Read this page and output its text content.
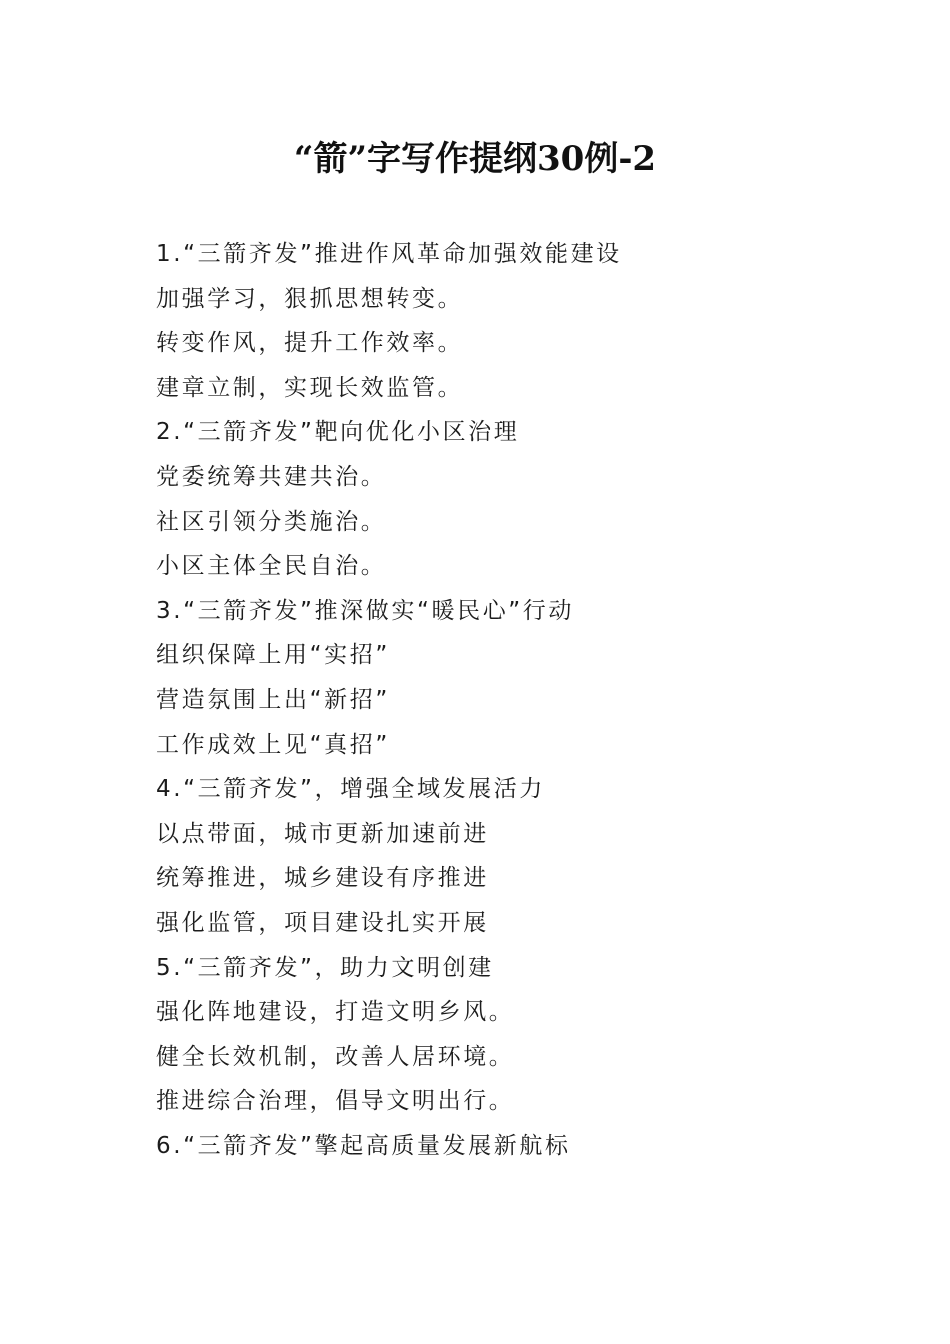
“箭”字写作提纲30例-2
1.“三箭齐发”推进作风革命加强效能建设
加强学习，狠抓思想转变。
转变作风，提升工作效率。
建章立制，实现长效监管。
2.“三箭齐发”靶向优化小区治理
党委统筹共建共治。
社区引领分类施治。
小区主体全民自治。
3.“三箭齐发”推深做实“暖民心”行动
组织保障上用“实招”
营造氛围上出“新招”
工作成效上见“真招”
4.“三箭齐发”，增强全域发展活力
以点带面，城市更新加速前进
统筹推进，城乡建设有序推进
强化监管，项目建设扎实开展
5.“三箭齐发”，助力文明创建
强化阵地建设，打造文明乡风。
健全长效机制，改善人居环境。
推进综合治理，倡导文明出行。
6.“三箭齐发”擎起高质量发展新航标
